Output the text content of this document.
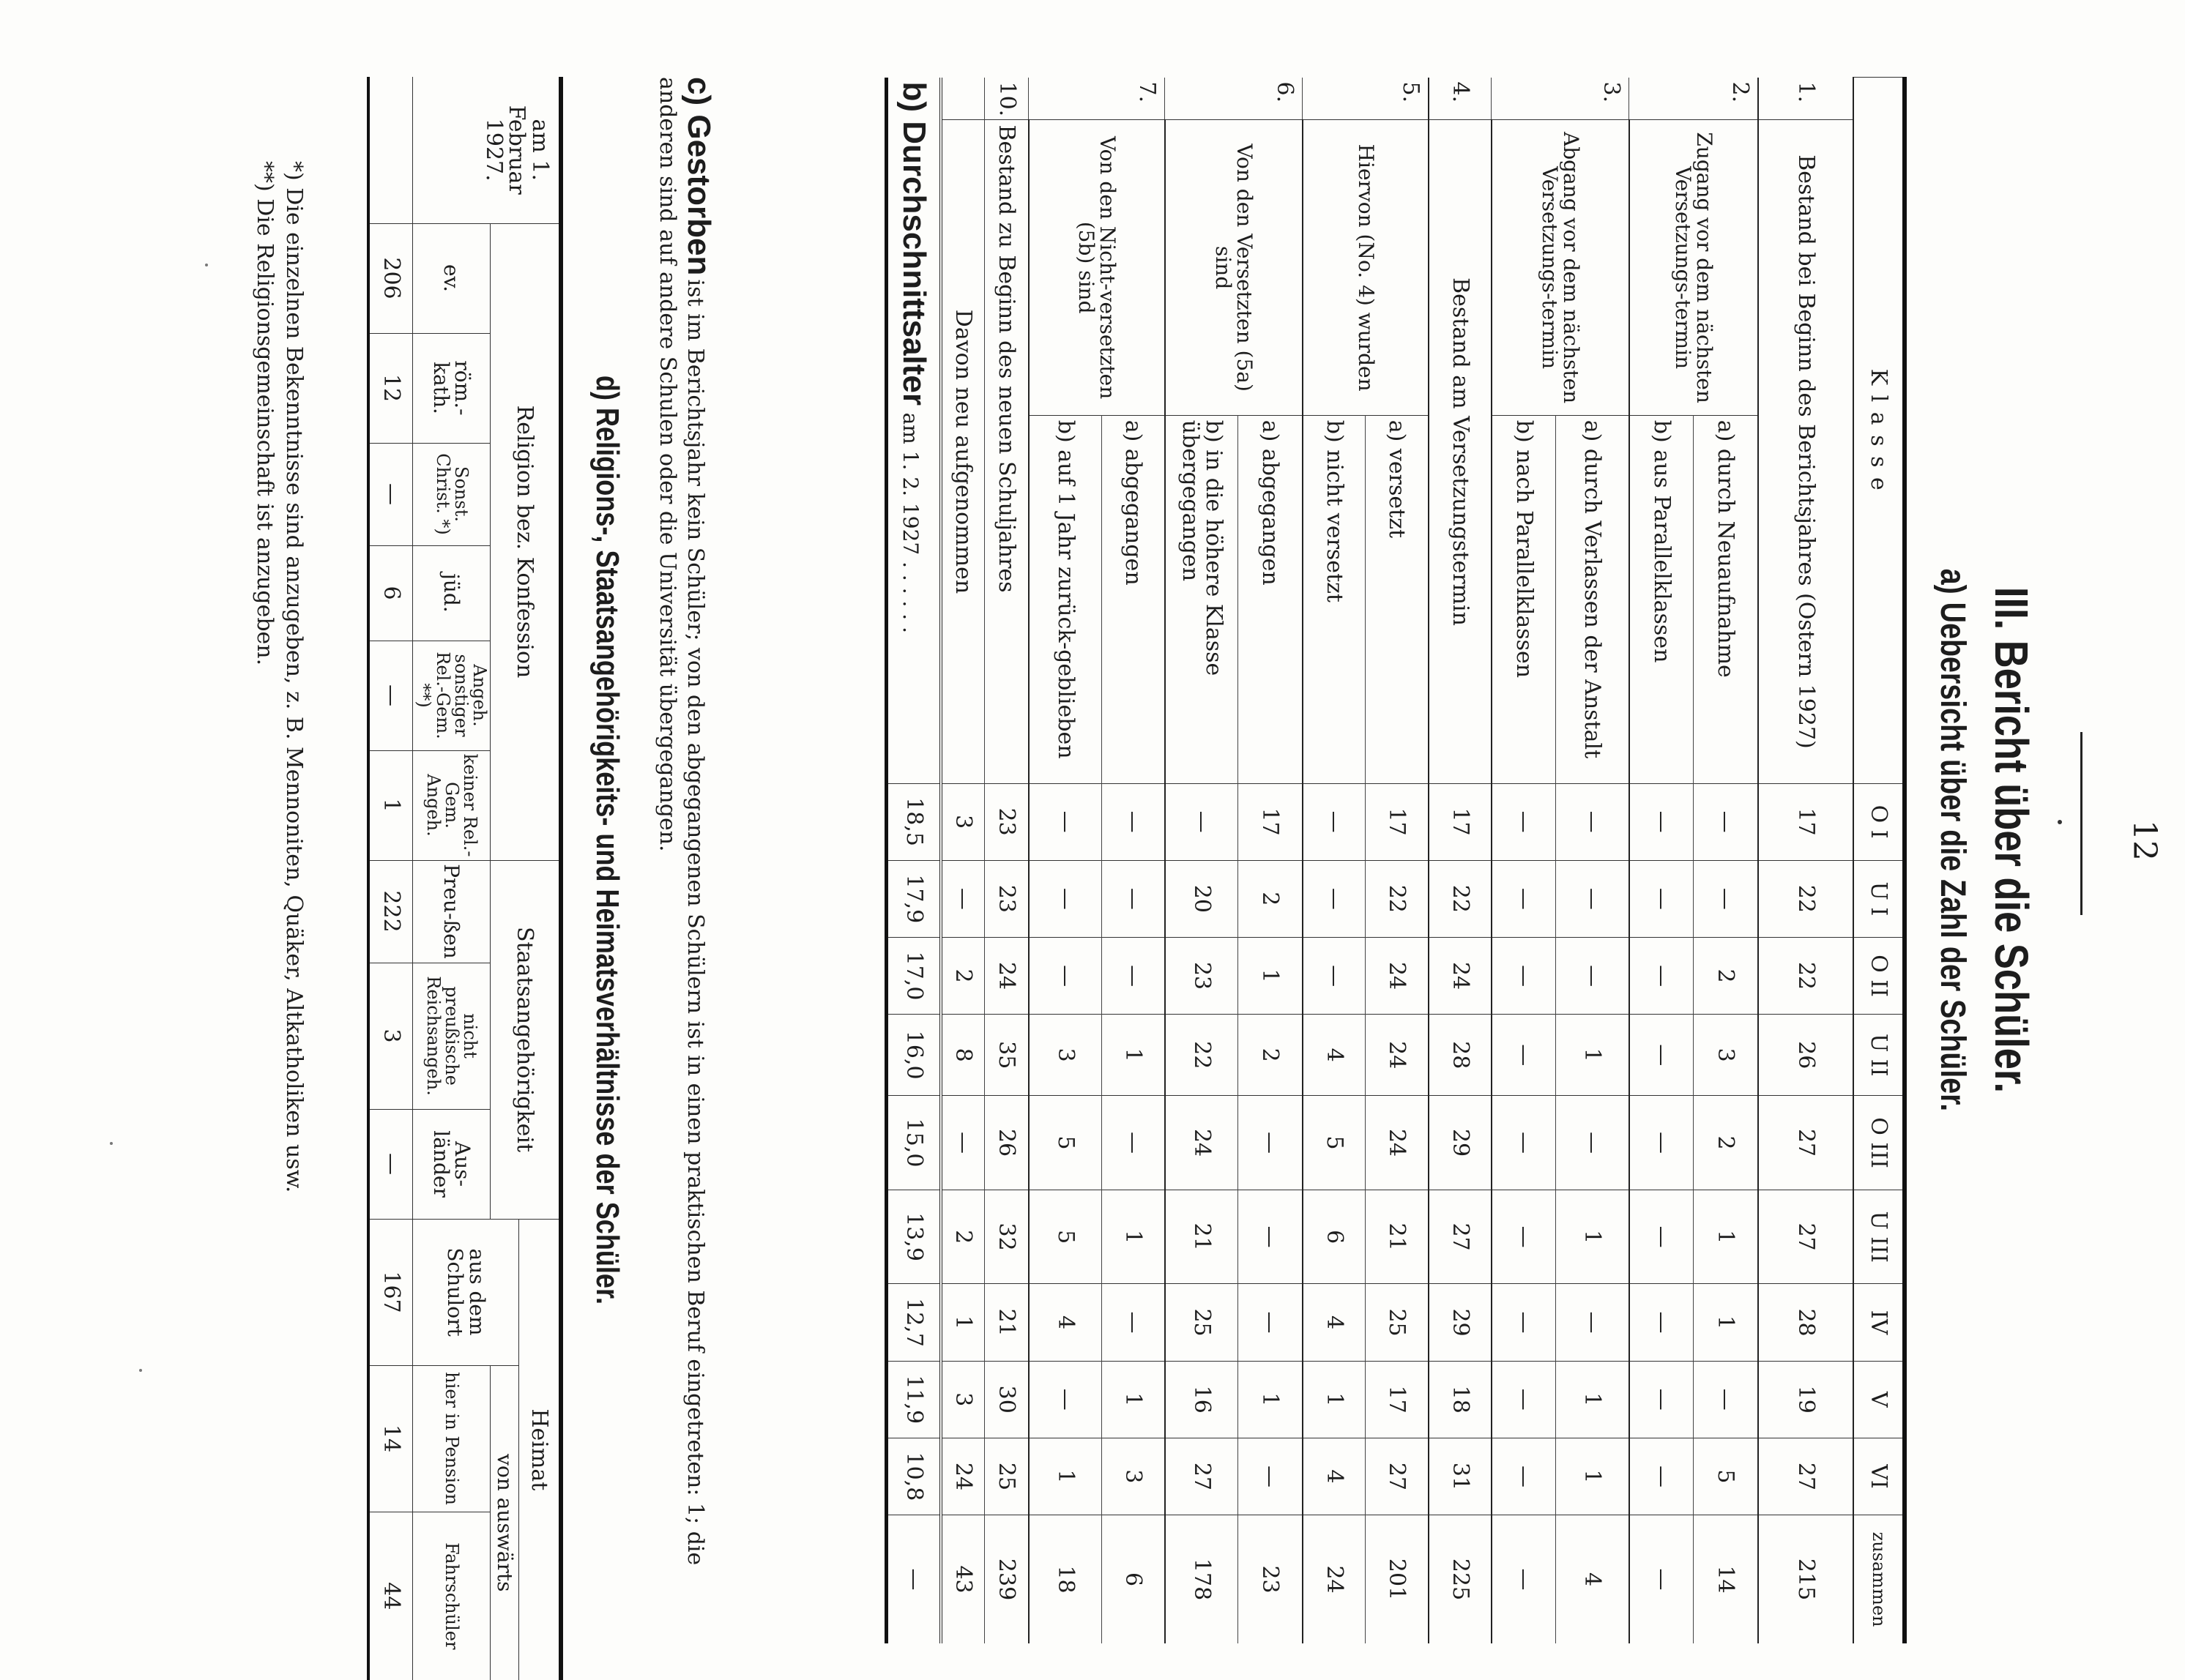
12
III. Bericht über die Schüler.
a) Uebersicht über die Zahl der Schüler.
K l a s s e			O I	U I	O II	U II	O III	U III	IV	V	VI	zusammen
1.	Bestand bei Beginn des Berichtsjahres (Ostern 1927)		17	22	22	26	27	27	28	19	27	215
2.	Zugang vor dem nächsten Versetzungs-termin	a) durch Neuaufnahme	—	—	2	3	2	1	1	—	5	14
		b) aus Parallelklassen	—	—	—	—	—	—	—	—	—	—
3.	Abgang vor dem nächsten Versetzungs-termin	a) durch Verlassen der Anstalt	—	—	—	1	—	1	—	1	1	4
		b) nach Parallelklassen	—	—	—	—	—	—	—	—	—	—
4.	Bestand am Versetzungstermin		17	22	24	28	29	27	29	18	31	225
5.	Hiervon (No. 4) wurden	a) versetzt	17	22	24	24	24	21	25	17	27	201
		b) nicht versetzt	—	—	—	4	5	6	4	1	4	24
6.	Von den Versetzten (5a) sind	a) abgegangen	17	2	1	2	—	—	—	1	—	23
		b) in die höhere Klasse übergegangen	—	20	23	22	24	21	25	16	27	178
7.	Von den Nicht-versetzten (5b) sind	a) abgegangen	—	—	—	1	—	1	—	1	3	6
		b) auf 1 Jahr zurück-geblieben	—	—	—	3	5	5	4	—	1	18
10.	Bestand zu Beginn des neuen Schuljahres		23	23	24	35	26	32	21	30	25	239
	Davon neu aufgenommen		3	—	2	8	—	2	1	3	24	43
b) Durchschnittsalter am 1. 2. 1927 . . . . . .			18,5	17,9	17,0	16,0	15,0	13,9	12,7	11,9	10,8	—
c) Gestorben ist im Berichtsjahr kein Schüler; von den abgegangenen Schülern ist in einen praktischen Beruf eingetreten: 1; die anderen sind auf andere Schulen oder die Universität übergegangen.
d) Religions-, Staatsangehörigkeits- und Heimatsverhältnisse der Schüler.
am 1. Februar 1927.	Religion bez. Konfession						Staatsangehörigkeit			Heimat		
										aus dem Schulort	von auswärts	
	ev.	röm.-kath.	Sonst. Christ. *)	jüd.	Angeh. sonstiger Rel.-Gem. **)	keiner Rel.-Gem. Angeh.	Preu-ßen	nicht preußische Reichsangeh.	Aus-länder		hier in Pension	Fahrschüler
	206	12	—	6	—	1	222	3	—	167	14	44
*) Die einzelnen Bekenntnisse sind anzugeben, z. B. Mennoniten, Quäker, Altkatholiken usw.
**) Die Religionsgemeinschaft ist anzugeben.
